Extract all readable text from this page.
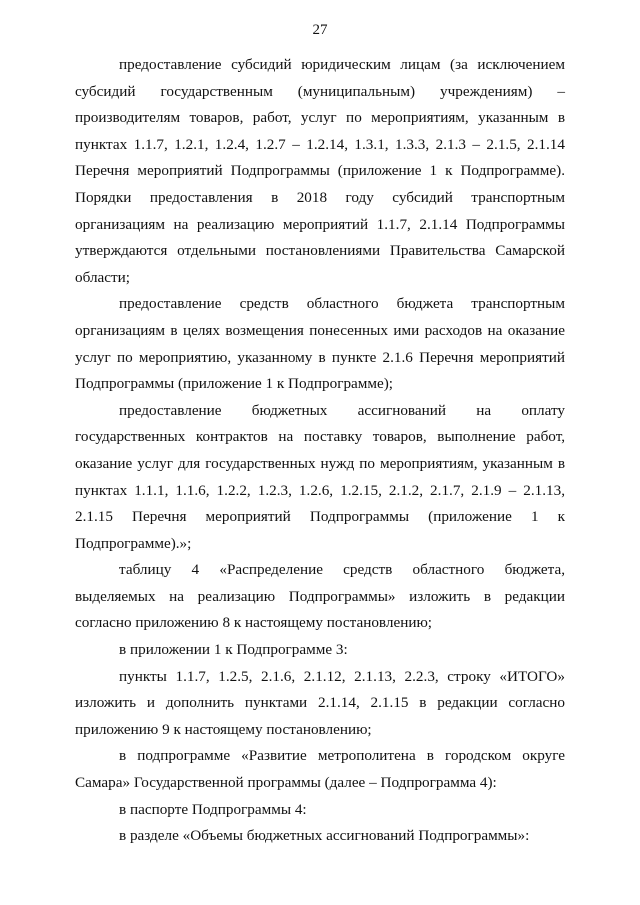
27

предоставление субсидий юридическим лицам (за исключением субсидий государственным (муниципальным) учреждениям) – производителям товаров, работ, услуг по мероприятиям, указанным в пунктах 1.1.7, 1.2.1, 1.2.4, 1.2.7 – 1.2.14, 1.3.1, 1.3.3, 2.1.3 – 2.1.5, 2.1.14 Перечня мероприятий Подпрограммы (приложение 1 к Подпрограмме). Порядки предоставления в 2018 году субсидий транспортным организациям на реализацию мероприятий 1.1.7, 2.1.14 Подпрограммы утверждаются отдельными постановлениями Правительства Самарской области;

предоставление средств областного бюджета транспортным организациям в целях возмещения понесенных ими расходов на оказание услуг по мероприятию, указанному в пункте 2.1.6 Перечня мероприятий Подпрограммы (приложение 1 к Подпрограмме);

предоставление бюджетных ассигнований на оплату государственных контрактов на поставку товаров, выполнение работ, оказание услуг для государственных нужд по мероприятиям, указанным в пунктах 1.1.1, 1.1.6, 1.2.2, 1.2.3, 1.2.6, 1.2.15, 2.1.2, 2.1.7, 2.1.9 – 2.1.13, 2.1.15 Перечня мероприятий Подпрограммы (приложение 1 к Подпрограмме).»;

таблицу 4 «Распределение средств областного бюджета, выделяемых на реализацию Подпрограммы» изложить в редакции согласно приложению 8 к настоящему постановлению;

в приложении 1 к Подпрограмме 3:

пункты 1.1.7, 1.2.5, 2.1.6, 2.1.12, 2.1.13, 2.2.3, строку «ИТОГО» изложить и дополнить пунктами 2.1.14, 2.1.15 в редакции согласно приложению 9 к настоящему постановлению;

в подпрограмме «Развитие метрополитена в городском округе Самара» Государственной программы (далее – Подпрограмма 4):

в паспорте Подпрограммы 4:

в разделе «Объемы бюджетных ассигнований Подпрограммы»:
